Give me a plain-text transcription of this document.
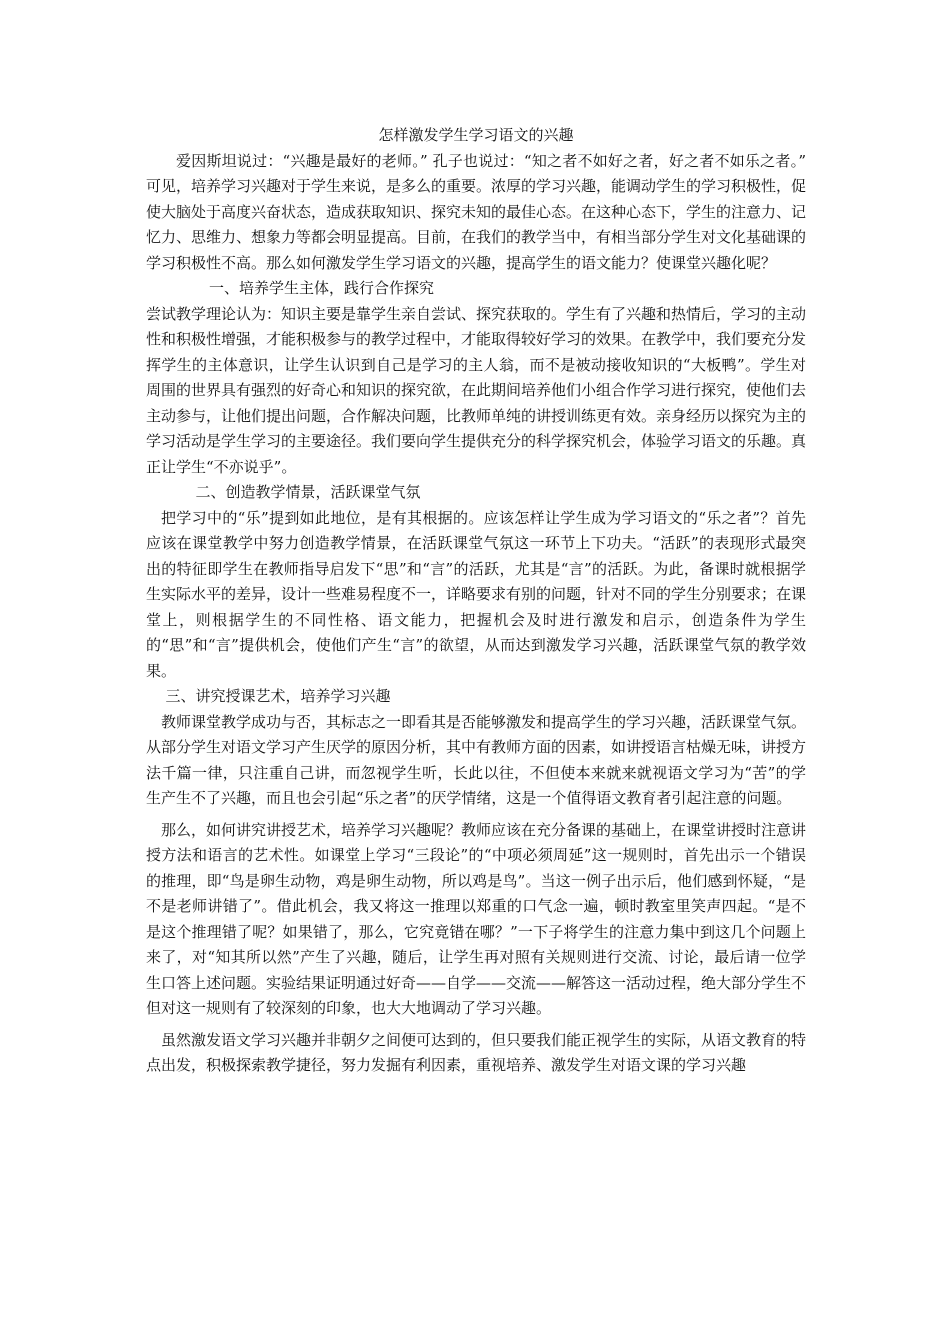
怎样激发学生学习语文的兴趣

爱因斯坦说过：“兴趣是最好的老师。” 孔子也说过：“知之者不如好之者，好之者不如乐之者。” 可见，培养学习兴趣对于学生来说，是多么的重要。浓厚的学习兴趣，能调动学生的学习积极性，促使大脑处于高度兴奋状态，造成获取知识、探究未知的最佳心态。在这种心态下，学生的注意力、记忆力、思维力、想象力等都会明显提高。目前，在我们的教学当中，有相当部分学生对文化基础课的学习积极性不高。那么如何激发学生学习语文的兴趣，提高学生的语文能力？使课堂兴趣化呢？

一、培养学生主体，践行合作探究

尝试教学理论认为：知识主要是靠学生亲自尝试、探究获取的。学生有了兴趣和热情后，学习的主动性和积极性增强，才能积极参与的教学过程中，才能取得较好学习的效果。在教学中，我们要充分发挥学生的主体意识，让学生认识到自己是学习的主人翁，而不是被动接收知识的“大板鸭”。学生对周围的世界具有强烈的好奇心和知识的探究欲，在此期间培养他们小组合作学习进行探究，使他们去主动参与，让他们提出问题，合作解决问题，比教师单纯的讲授训练更有效。亲身经历以探究为主的学习活动是学生学习的主要途径。我们要向学生提供充分的科学探究机会，体验学习语文的乐趣。真正让学生“不亦说乎”。

二、创造教学情景，活跃课堂气氛

把学习中的“乐”提到如此地位，是有其根据的。应该怎样让学生成为学习语文的“乐之者”？首先应该在课堂教学中努力创造教学情景，在活跃课堂气氛这一环节上下功夫。“活跃”的表现形式最突出的特征即学生在教师指导启发下“思”和“言”的活跃，尤其是“言”的活跃。为此，备课时就根据学生实际水平的差异，设计一些难易程度不一，详略要求有别的问题，针对不同的学生分别要求；在课堂上，则根据学生的不同性格、语文能力，把握机会及时进行激发和启示，创造条件为学生的“思”和“言”提供机会，使他们产生“言”的欲望，从而达到激发学习兴趣，活跃课堂气氛的教学效果。

三、讲究授课艺术，培养学习兴趣

教师课堂教学成功与否，其标志之一即看其是否能够激发和提高学生的学习兴趣，活跃课堂气氛。从部分学生对语文学习产生厌学的原因分析，其中有教师方面的因素，如讲授语言枯燥无味，讲授方法千篇一律，只注重自己讲，而忽视学生听，长此以往，不但使本来就来就视语文学习为“苦”的学生产生不了兴趣，而且也会引起“乐之者”的厌学情绪，这是一个值得语文教育者引起注意的问题。

那么，如何讲究讲授艺术，培养学习兴趣呢？教师应该在充分备课的基础上，在课堂讲授时注意讲授方法和语言的艺术性。如课堂上学习“三段论”的“中项必须周延”这一规则时，首先出示一个错误的推理，即“鸟是卵生动物，鸡是卵生动物，所以鸡是鸟”。当这一例子出示后，他们感到怀疑，“是不是老师讲错了”。借此机会，我又将这一推理以郑重的口气念一遍，顿时教室里笑声四起。“是不是这个推理错了呢？如果错了，那么，它究竟错在哪？”一下子将学生的注意力集中到这几个问题上来了，对“知其所以然”产生了兴趣，随后，让学生再对照有关规则进行交流、讨论，最后请一位学生口答上述问题。实验结果证明通过好奇——自学——交流——解答这一活动过程，绝大部分学生不但对这一规则有了较深刻的印象，也大大地调动了学习兴趣。

虽然激发语文学习兴趣并非朝夕之间便可达到的，但只要我们能正视学生的实际，从语文教育的特点出发，积极探索教学捷径，努力发掘有利因素，重视培养、激发学生对语文课的学习兴趣
